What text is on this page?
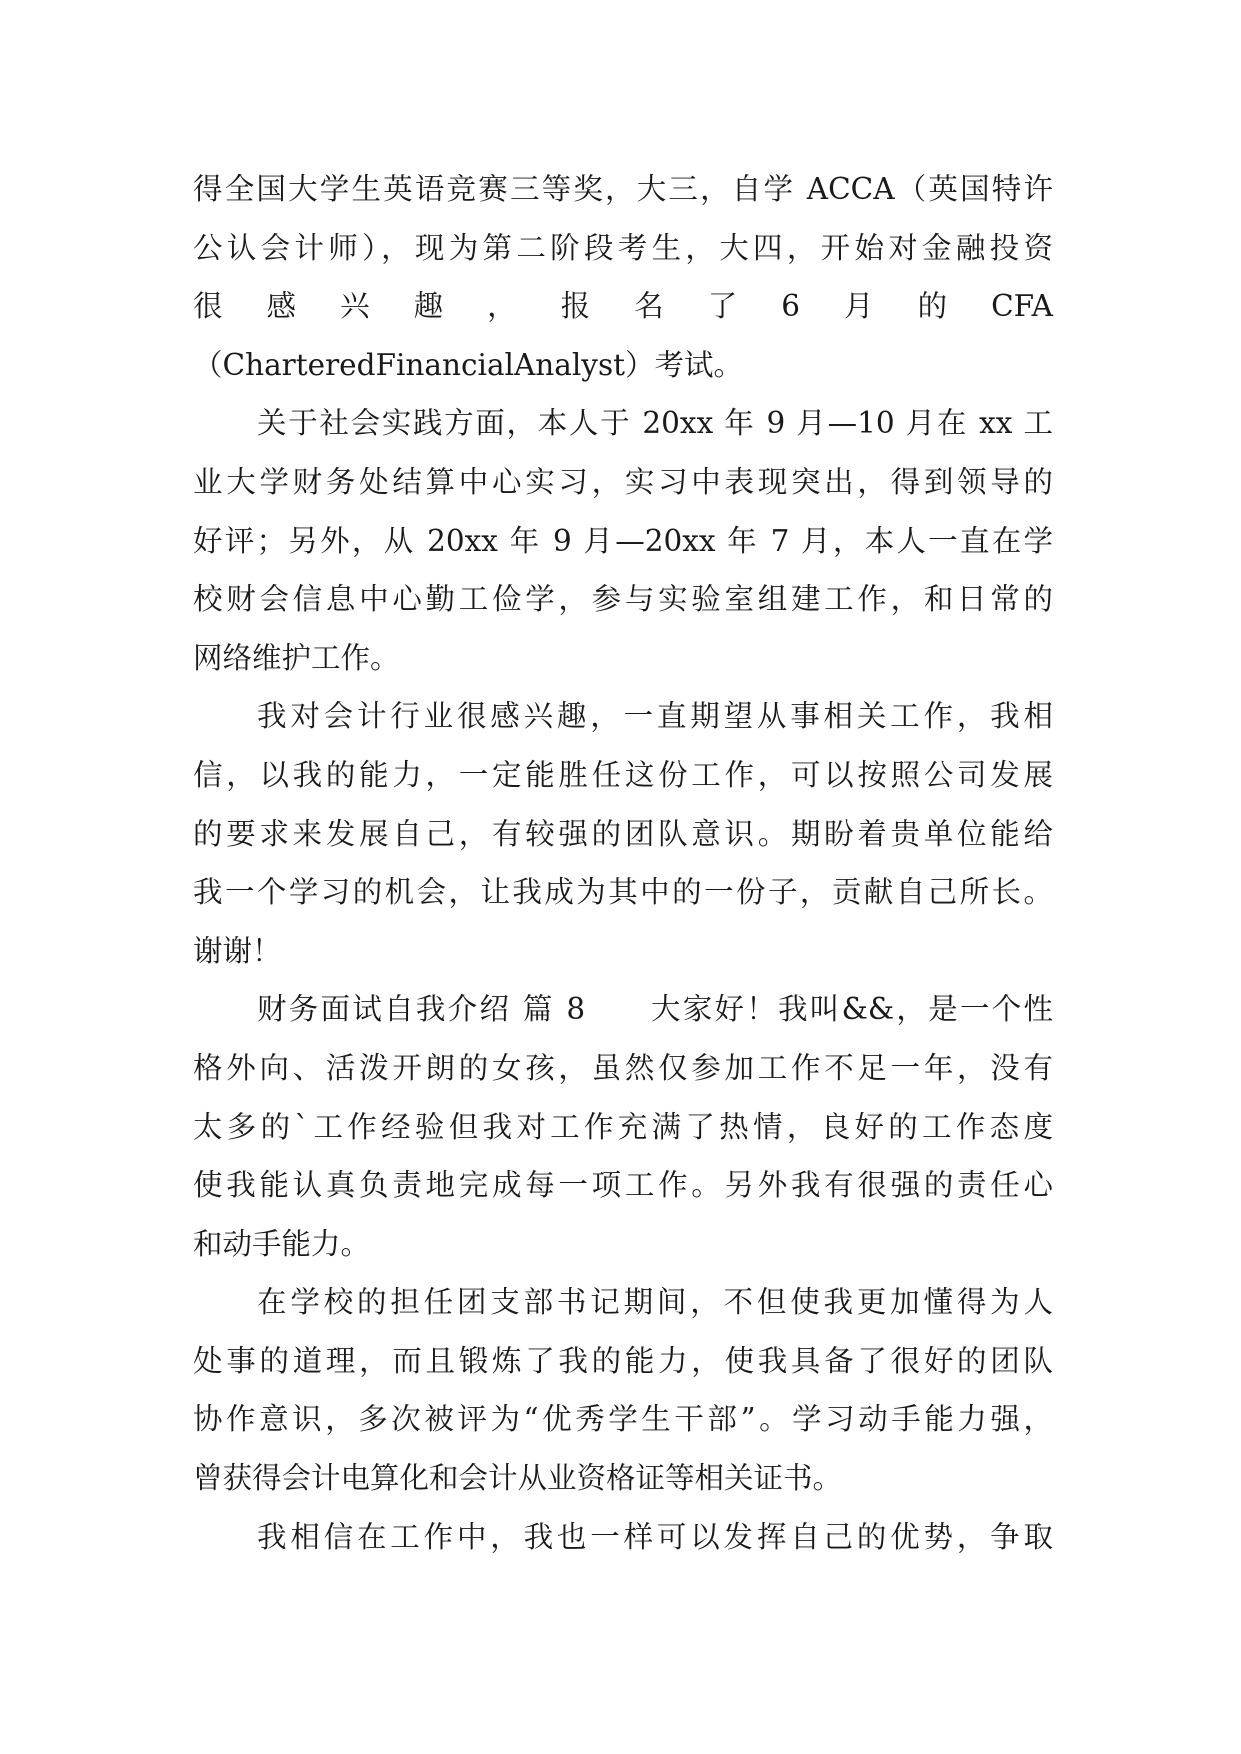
得全国大学生英语竞赛三等奖，大三，自学 ACCA（英国特许
公认会计师），现为第二阶段考生，大四，开始对金融投资
很 感 兴 趣 ， 报 名 了 6 月 的 CFA
（CharteredFinancialAnalyst）考试。
关于社会实践方面，本人于 20xx 年 9 月—10 月在 xx 工
业大学财务处结算中心实习，实习中表现突出，得到领导的
好评；另外，从 20xx 年 9 月—20xx 年 7 月，本人一直在学
校财会信息中心勤工俭学，参与实验室组建工作，和日常的
网络维护工作。
我对会计行业很感兴趣，一直期望从事相关工作，我相
信，以我的能力，一定能胜任这份工作，可以按照公司发展
的要求来发展自己，有较强的团队意识。期盼着贵单位能给
我一个学习的机会，让我成为其中的一份子，贡献自己所长。
谢谢！
财务面试自我介绍 篇 8　　大家好！我叫&&，是一个性
格外向、活泼开朗的女孩，虽然仅参加工作不足一年，没有
太多的`工作经验但我对工作充满了热情，良好的工作态度
使我能认真负责地完成每一项工作。另外我有很强的责任心
和动手能力。
在学校的担任团支部书记期间，不但使我更加懂得为人
处事的道理，而且锻炼了我的能力，使我具备了很好的团队
协作意识，多次被评为“优秀学生干部”。学习动手能力强，
曾获得会计电算化和会计从业资格证等相关证书。
我相信在工作中，我也一样可以发挥自己的优势，争取
